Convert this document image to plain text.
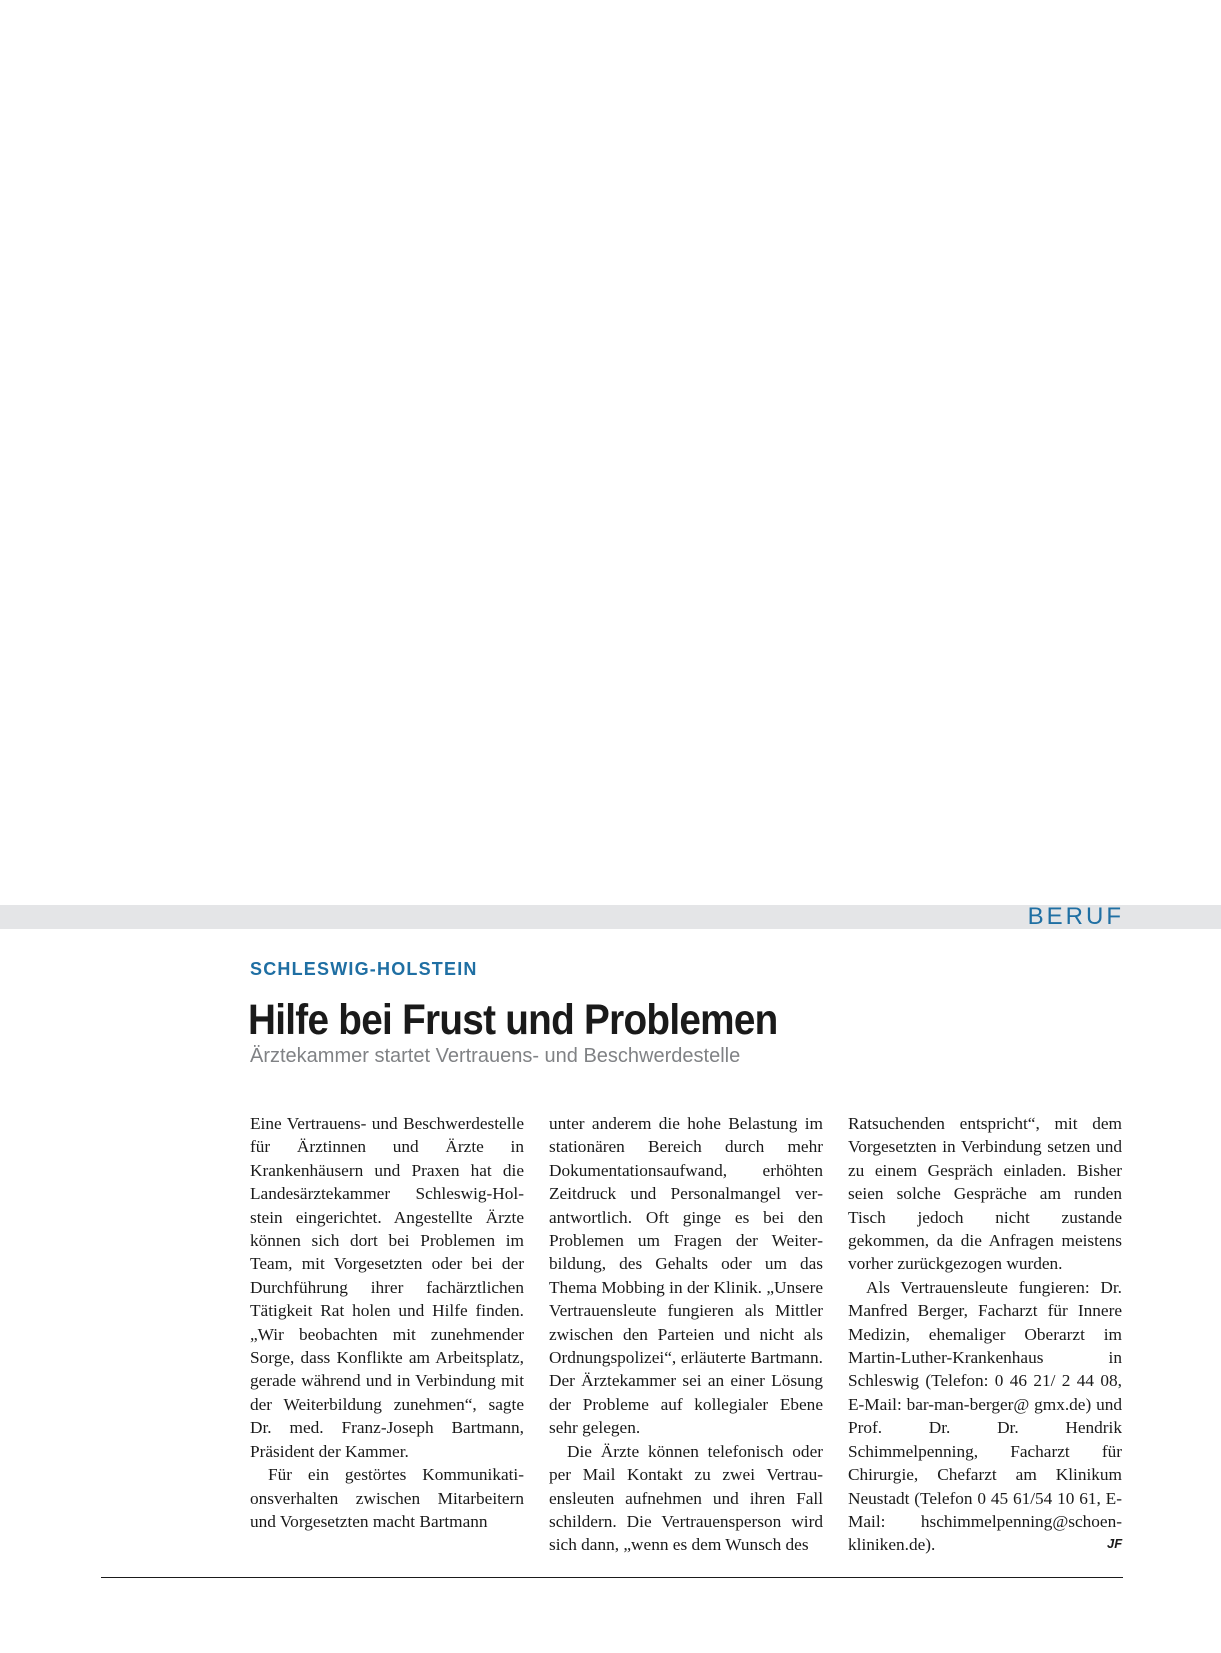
BERUF
SCHLESWIG-HOLSTEIN
Hilfe bei Frust und Problemen
Ärztekammer startet Vertrauens- und Beschwerdestelle

Eine Vertrauens- und Beschwerdestelle für Ärztinnen und Ärzte in Krankenhäusern und Praxen hat die Landesärztekammer Schleswig-Holstein eingerichtet. Angestellte Ärzte können sich dort bei Problemen im Team, mit Vorgesetzten oder bei der Durchführung ihrer fachärztlichen Tätigkeit Rat holen und Hilfe finden. „Wir beobachten mit zunehmender Sorge, dass Konflikte am Arbeitsplatz, gerade während und in Verbindung mit der Weiterbildung zunehmen“, sagte Dr. med. Franz-Joseph Bartmann, Präsident der Kammer.

Für ein gestörtes Kommunikationsverhalten zwischen Mitarbeitern und Vorgesetzten macht Bartmann

unter anderem die hohe Belastung im stationären Bereich durch mehr Dokumentationsaufwand, erhöhten Zeitdruck und Personalmangel verantwortlich. Oft ginge es bei den Problemen um Fragen der Weiterbildung, des Gehalts oder um das Thema Mobbing in der Klinik. „Unsere Vertrauensleute fungieren als Mittler zwischen den Parteien und nicht als Ordnungspolizei“, erläuterte Bartmann. Der Ärztekammer sei an einer Lösung der Probleme auf kollegialer Ebene sehr gelegen.

Die Ärzte können telefonisch oder per Mail Kontakt zu zwei Vertrauensleuten aufnehmen und ihren Fall schildern. Die Vertrauensperson wird sich dann, „wenn es dem Wunsch des

Ratsuchenden entspricht“, mit dem Vorgesetzten in Verbindung setzen und zu einem Gespräch einladen. Bisher seien solche Gespräche am runden Tisch jedoch nicht zustande gekommen, da die Anfragen meistens vorher zurückgezogen wurden.

Als Vertrauensleute fungieren: Dr. Manfred Berger, Facharzt für Innere Medizin, ehemaliger Oberarzt im Martin-Luther-Krankenhaus in Schleswig (Telefon: 0 46 21/ 2 44 08, E-Mail: bar-man-berger@ gmx.de) und Prof. Dr. Dr. Hendrik Schimmelpenning, Facharzt für Chirurgie, Chefarzt am Klinikum Neustadt (Telefon 0 45 61/54 10 61, E-Mail: hschimmelpenning@schoenkliniken.de).	JF
